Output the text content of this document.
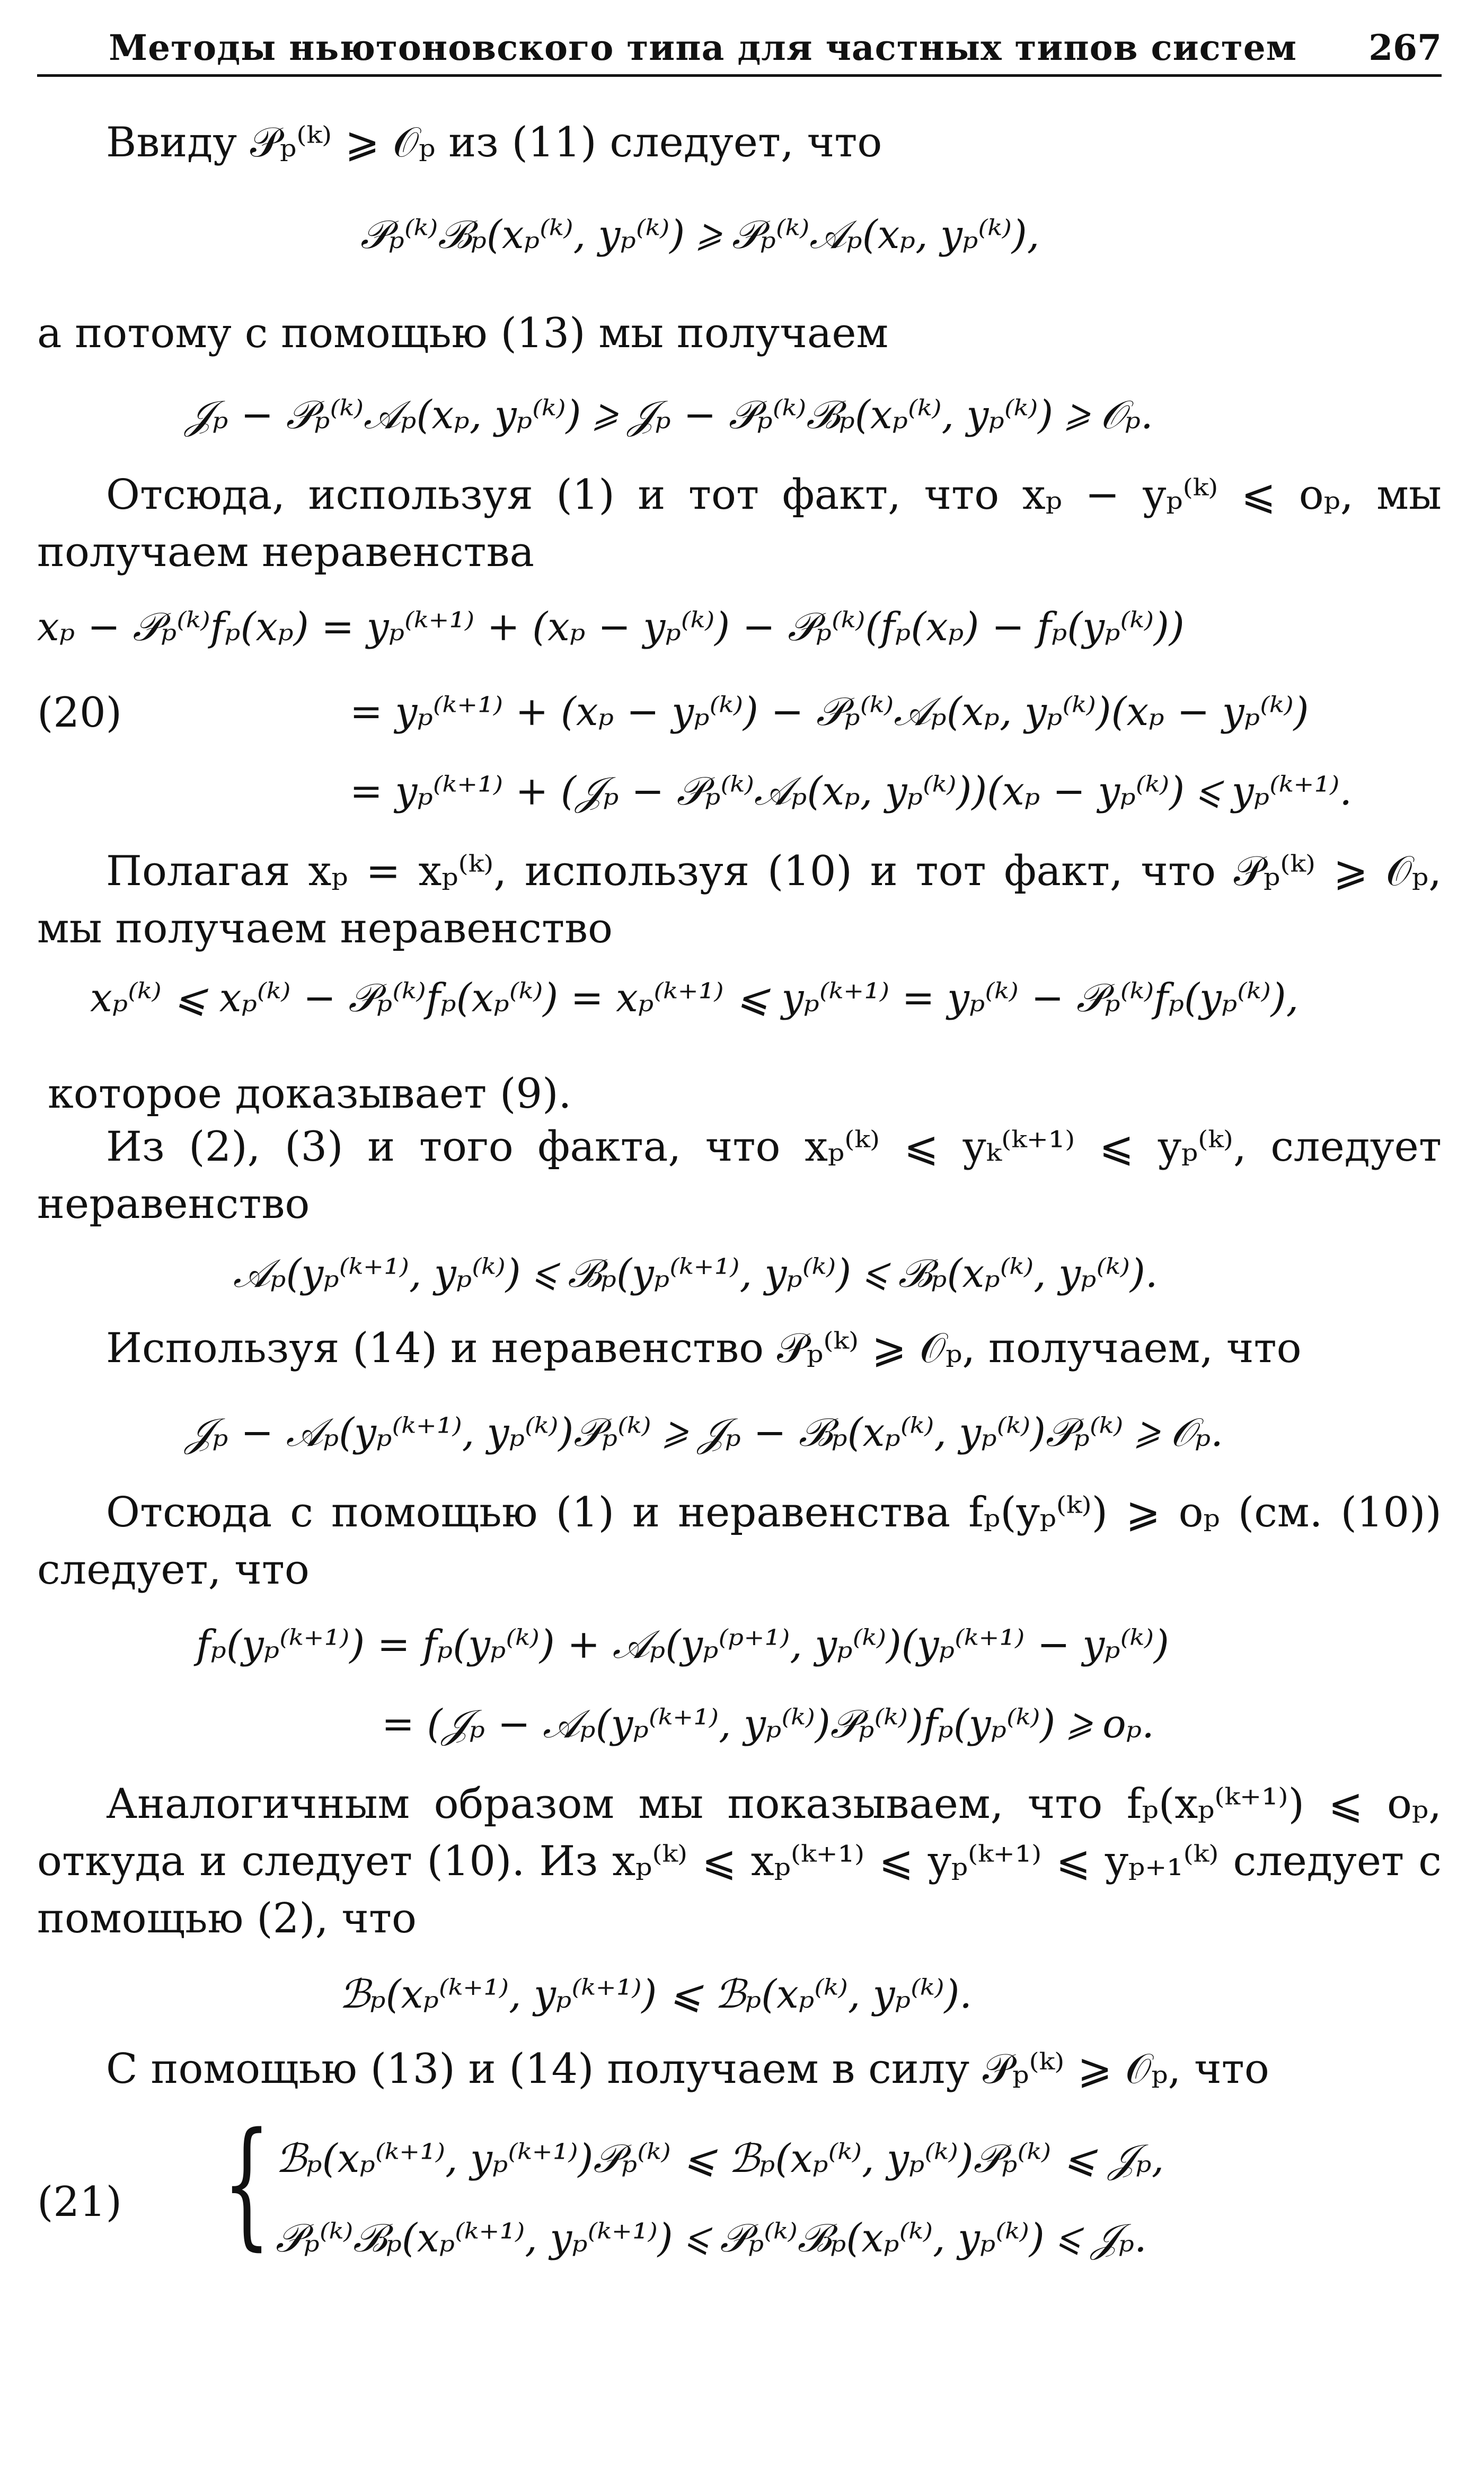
Методы ньютоновского типа для частных типов систем	267
Ввиду 𝒫ₚ⁽ᵏ⁾ ⩾ 𝒪ₚ из (11) следует, что
𝒫ₚ⁽ᵏ⁾ℬₚ(xₚ⁽ᵏ⁾, yₚ⁽ᵏ⁾) ⩾ 𝒫ₚ⁽ᵏ⁾𝒜ₚ(xₚ, yₚ⁽ᵏ⁾),
а потому с помощью (13) мы получаем
𝒥ₚ − 𝒫ₚ⁽ᵏ⁾𝒜ₚ(xₚ, yₚ⁽ᵏ⁾) ⩾ 𝒥ₚ − 𝒫ₚ⁽ᵏ⁾ℬₚ(xₚ⁽ᵏ⁾, yₚ⁽ᵏ⁾) ⩾ 𝒪ₚ.
Отсюда, используя (1) и тот факт, что xₚ − yₚ⁽ᵏ⁾ ⩽ oₚ, мы получаем неравенства
xₚ − 𝒫ₚ⁽ᵏ⁾fₚ(xₚ) = yₚ⁽ᵏ⁺¹⁾ + (xₚ − yₚ⁽ᵏ⁾) − 𝒫ₚ⁽ᵏ⁾(fₚ(xₚ) − fₚ(yₚ⁽ᵏ⁾))
(20)	= yₚ⁽ᵏ⁺¹⁾ + (xₚ − yₚ⁽ᵏ⁾) − 𝒫ₚ⁽ᵏ⁾𝒜ₚ(xₚ, yₚ⁽ᵏ⁾)(xₚ − yₚ⁽ᵏ⁾)
= yₚ⁽ᵏ⁺¹⁾ + (𝒥ₚ − 𝒫ₚ⁽ᵏ⁾𝒜ₚ(xₚ, yₚ⁽ᵏ⁾))(xₚ − yₚ⁽ᵏ⁾) ⩽ yₚ⁽ᵏ⁺¹⁾.
Полагая xₚ = xₚ⁽ᵏ⁾, используя (10) и тот факт, что 𝒫ₚ⁽ᵏ⁾ ⩾ 𝒪ₚ, мы получаем неравенство
xₚ⁽ᵏ⁾ ⩽ xₚ⁽ᵏ⁾ − 𝒫ₚ⁽ᵏ⁾fₚ(xₚ⁽ᵏ⁾) = xₚ⁽ᵏ⁺¹⁾ ⩽ yₚ⁽ᵏ⁺¹⁾ = yₚ⁽ᵏ⁾ − 𝒫ₚ⁽ᵏ⁾fₚ(yₚ⁽ᵏ⁾),
которое доказывает (9).
Из (2), (3) и того факта, что xₚ⁽ᵏ⁾ ⩽ yₖ⁽ᵏ⁺¹⁾ ⩽ yₚ⁽ᵏ⁾, следует неравенство
𝒜ₚ(yₚ⁽ᵏ⁺¹⁾, yₚ⁽ᵏ⁾) ⩽ ℬₚ(yₚ⁽ᵏ⁺¹⁾, yₚ⁽ᵏ⁾) ⩽ ℬₚ(xₚ⁽ᵏ⁾, yₚ⁽ᵏ⁾).
Используя (14) и неравенство 𝒫ₚ⁽ᵏ⁾ ⩾ 𝒪ₚ, получаем, что
𝒥ₚ − 𝒜ₚ(yₚ⁽ᵏ⁺¹⁾, yₚ⁽ᵏ⁾)𝒫ₚ⁽ᵏ⁾ ⩾ 𝒥ₚ − ℬₚ(xₚ⁽ᵏ⁾, yₚ⁽ᵏ⁾)𝒫ₚ⁽ᵏ⁾ ⩾ 𝒪ₚ.
Отсюда с помощью (1) и неравенства fₚ(yₚ⁽ᵏ⁾) ⩾ oₚ (см. (10)) следует, что
fₚ(yₚ⁽ᵏ⁺¹⁾) = fₚ(yₚ⁽ᵏ⁾) + 𝒜ₚ(yₚ⁽ᵖ⁺¹⁾, yₚ⁽ᵏ⁾)(yₚ⁽ᵏ⁺¹⁾ − yₚ⁽ᵏ⁾)
= (𝒥ₚ − 𝒜ₚ(yₚ⁽ᵏ⁺¹⁾, yₚ⁽ᵏ⁾)𝒫ₚ⁽ᵏ⁾)fₚ(yₚ⁽ᵏ⁾) ⩾ oₚ.
Аналогичным образом мы показываем, что fₚ(xₚ⁽ᵏ⁺¹⁾) ⩽ oₚ, откуда и следует (10). Из xₚ⁽ᵏ⁾ ⩽ xₚ⁽ᵏ⁺¹⁾ ⩽ yₚ⁽ᵏ⁺¹⁾ ⩽ yₚ₊₁⁽ᵏ⁾ следует с помощью (2), что
ℬₚ(xₚ⁽ᵏ⁺¹⁾, yₚ⁽ᵏ⁺¹⁾) ⩽ ℬₚ(xₚ⁽ᵏ⁾, yₚ⁽ᵏ⁾).
С помощью (13) и (14) получаем в силу 𝒫ₚ⁽ᵏ⁾ ⩾ 𝒪ₚ, что
(21) { ℬₚ(xₚ⁽ᵏ⁺¹⁾, yₚ⁽ᵏ⁺¹⁾)𝒫ₚ⁽ᵏ⁾ ⩽ ℬₚ(xₚ⁽ᵏ⁾, yₚ⁽ᵏ⁾)𝒫ₚ⁽ᵏ⁾ ⩽ 𝒥ₚ,
𝒫ₚ⁽ᵏ⁾ℬₚ(xₚ⁽ᵏ⁺¹⁾, yₚ⁽ᵏ⁺¹⁾) ⩽ 𝒫ₚ⁽ᵏ⁾ℬₚ(xₚ⁽ᵏ⁾, yₚ⁽ᵏ⁾) ⩽ 𝒥ₚ.
